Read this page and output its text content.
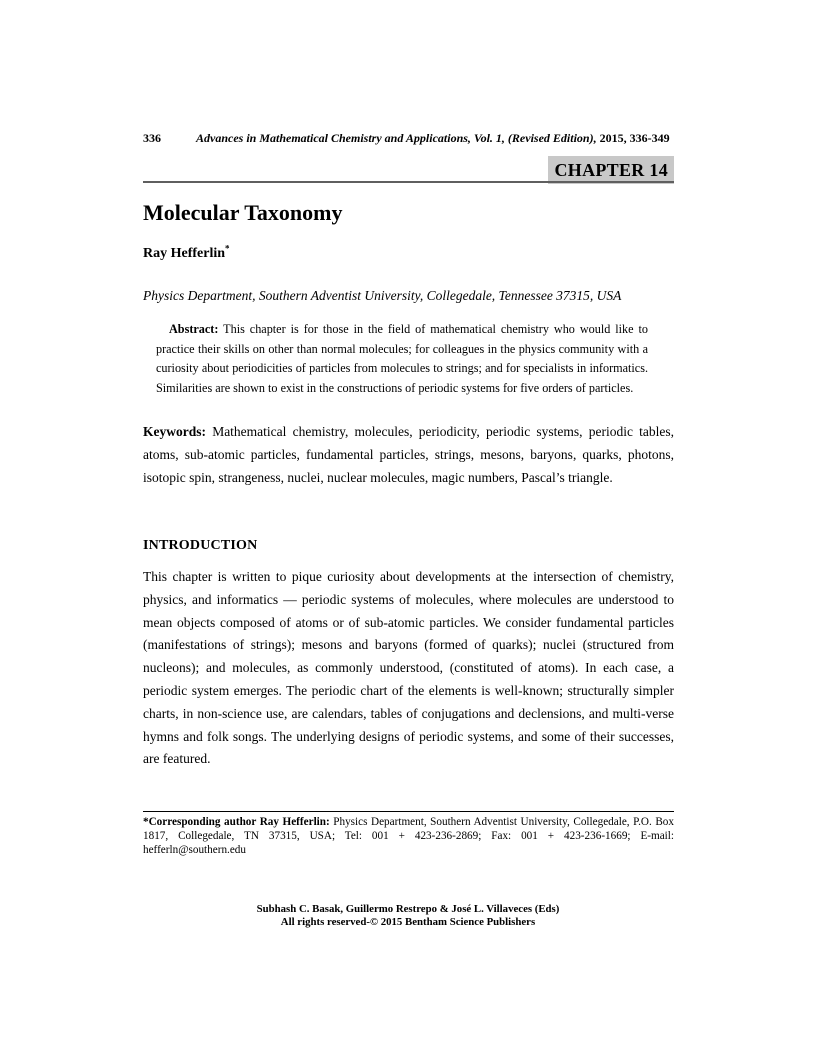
336	Advances in Mathematical Chemistry and Applications, Vol. 1, (Revised Edition), 2015, 336-349
CHAPTER 14
Molecular Taxonomy
Ray Hefferlin*
Physics Department, Southern Adventist University, Collegedale, Tennessee 37315, USA
Abstract: This chapter is for those in the field of mathematical chemistry who would like to practice their skills on other than normal molecules; for colleagues in the physics community with a curiosity about periodicities of particles from molecules to strings; and for specialists in informatics. Similarities are shown to exist in the constructions of periodic systems for five orders of particles.
Keywords: Mathematical chemistry, molecules, periodicity, periodic systems, periodic tables, atoms, sub-atomic particles, fundamental particles, strings, mesons, baryons, quarks, photons, isotopic spin, strangeness, nuclei, nuclear molecules, magic numbers, Pascal’s triangle.
INTRODUCTION
This chapter is written to pique curiosity about developments at the intersection of chemistry, physics, and informatics — periodic systems of molecules, where molecules are understood to mean objects composed of atoms or of sub-atomic particles. We consider fundamental particles (manifestations of strings); mesons and baryons (formed of quarks); nuclei (structured from nucleons); and molecules, as commonly understood, (constituted of atoms). In each case, a periodic system emerges. The periodic chart of the elements is well-known; structurally simpler charts, in non-science use, are calendars, tables of conjugations and declensions, and multi-verse hymns and folk songs. The underlying designs of periodic systems, and some of their successes, are featured.
*Corresponding author Ray Hefferlin: Physics Department, Southern Adventist University, Collegedale, P.O. Box 1817, Collegedale, TN 37315, USA; Tel: 001 + 423-236-2869; Fax: 001 + 423-236-1669; E-mail: hefferln@southern.edu
Subhash C. Basak, Guillermo Restrepo & José L. Villaveces (Eds)
All rights reserved-© 2015 Bentham Science Publishers
